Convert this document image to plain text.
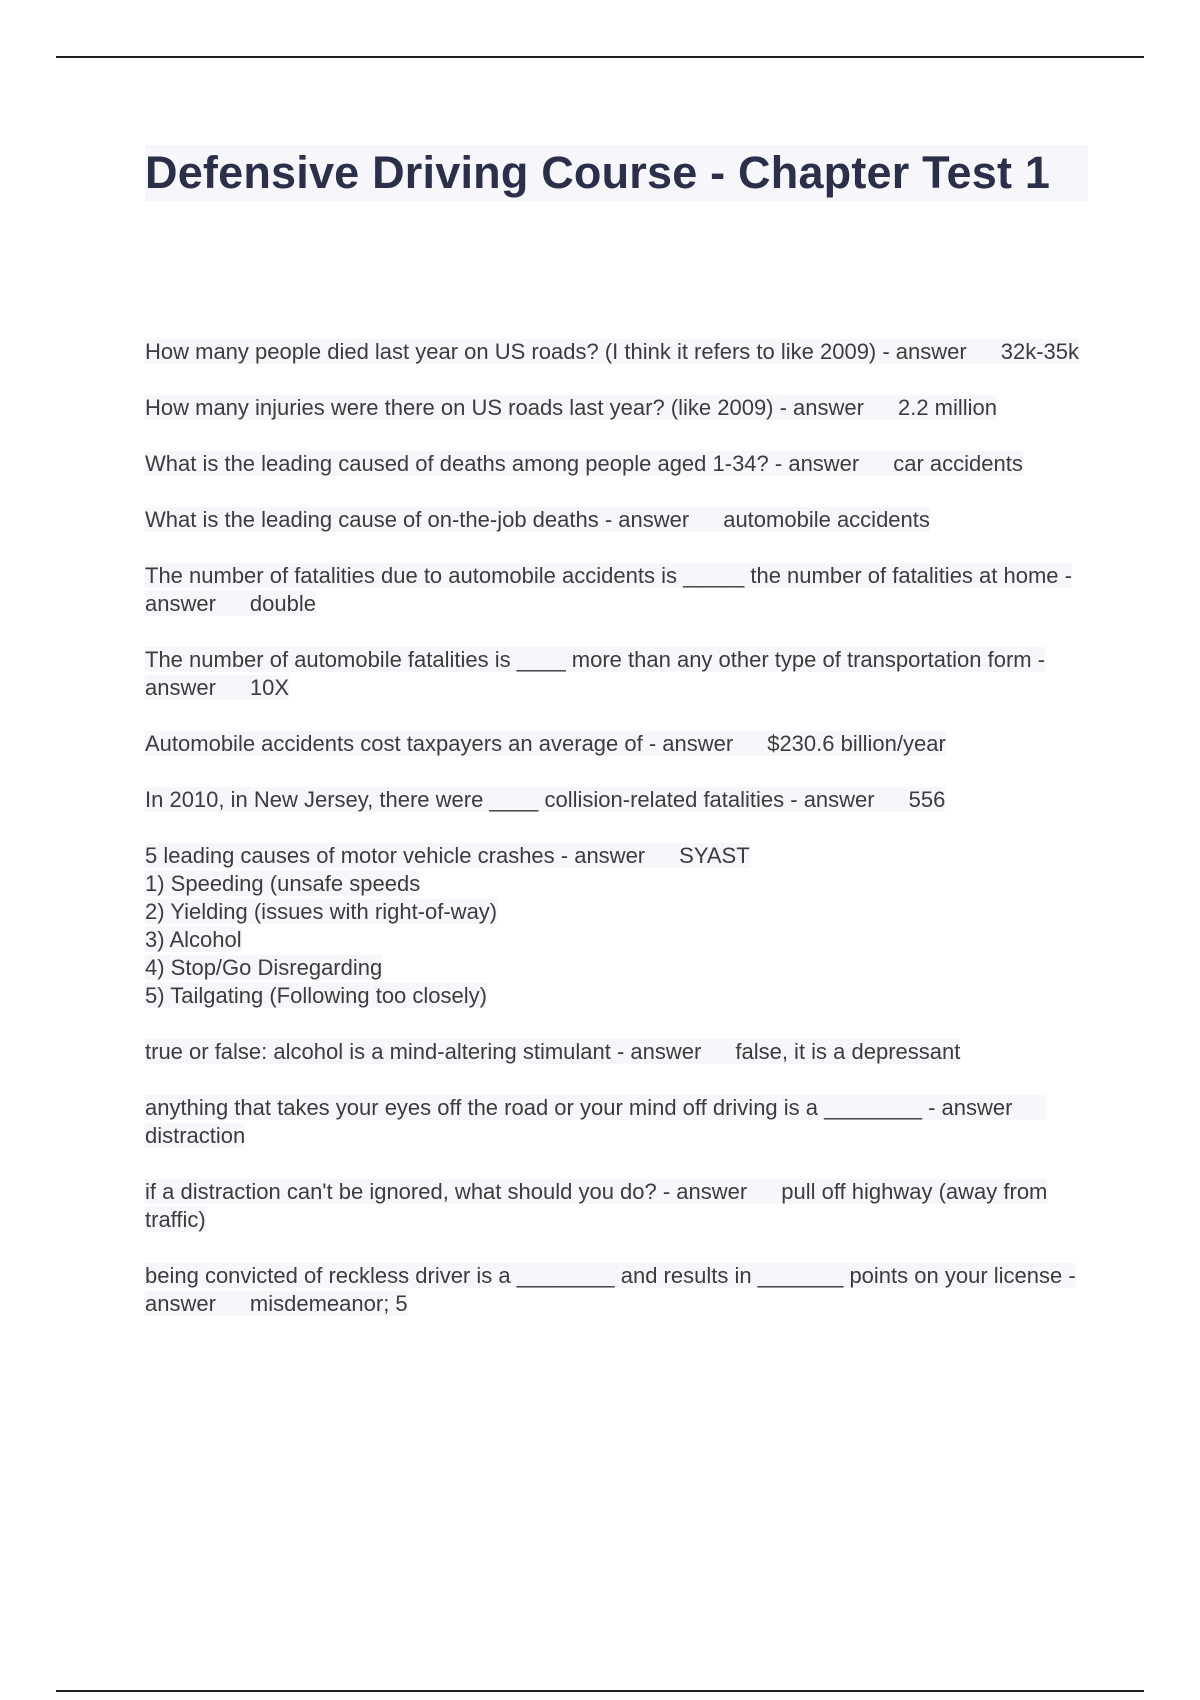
Defensive Driving Course - Chapter Test 1

How many people died last year on US roads? (I think it refers to like 2009) - answer 32k-35k

How many injuries were there on US roads last year? (like 2009) - answer 2.2 million

What is the leading caused of deaths among people aged 1-34? - answer car accidents

What is the leading cause of on-the-job deaths - answer automobile accidents

The number of fatalities due to automobile accidents is _____ the number of fatalities at home - answer double

The number of automobile fatalities is ____ more than any other type of transportation form - answer 10X

Automobile accidents cost taxpayers an average of - answer $230.6 billion/year

In 2010, in New Jersey, there were ____ collision-related fatalities - answer 556

5 leading causes of motor vehicle crashes - answer SYAST
1) Speeding (unsafe speeds
2) Yielding (issues with right-of-way)
3) Alcohol
4) Stop/Go Disregarding
5) Tailgating (Following too closely)

true or false: alcohol is a mind-altering stimulant - answer false, it is a depressant

anything that takes your eyes off the road or your mind off driving is a ________ - answerdistraction

if a distraction can't be ignored, what should you do? - answer pull off highway (away from traffic)

being convicted of reckless driver is a ________ and results in _______ points on your license - answer misdemeanor; 5
